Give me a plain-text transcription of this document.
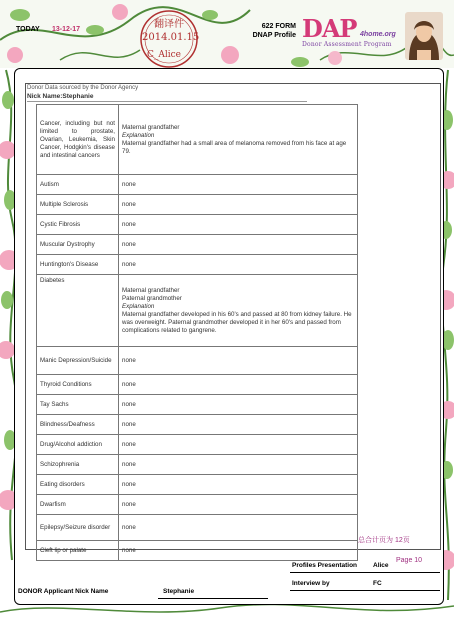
TODAY 13-12-17	翻译件
2014.01.15
C_Alice
622 FORM
DNAP Profile DAP 4home.org
Donor Assessment Program
Donor Data sourced by the Donor Agency
Nick Name:Stephanie
Cancer, including but not limited to prostate, Ovarian, Leukemia, Skin Cancer, Hodgkin's disease and intestinal cancers	Maternal grandfather
Explanation
Maternal grandfather had a small area of melanoma removed from his face at age 79.

Autism	none
Multiple Sclerosis	none
Cystic Fibrosis	none
Muscular Dystrophy	none
Huntington's Disease	none
Diabetes	Maternal grandfather
Paternal grandmother
Explanation
Maternal grandfather developed in his 60's and passed at 80 from kidney failure. He was overweight. Paternal grandmother developed it in her 60's and passed from complications related to gangrene.

Manic Depression/Suicide	none
Thyroid Conditions	none
Tay Sachs	none
Blindness/Deafness	none
Drug/Alcohol addiction	none
Schizophrenia	none
Eating disorders	none
Dwarfism	none
Epilepsy/Seizure disorder	none
Cleft lip or palate	none
总合计页为 12页
Page 10
Profiles Presentation Alice
Interview by	FC
DONOR Applicant Nick Name	Stephanie
